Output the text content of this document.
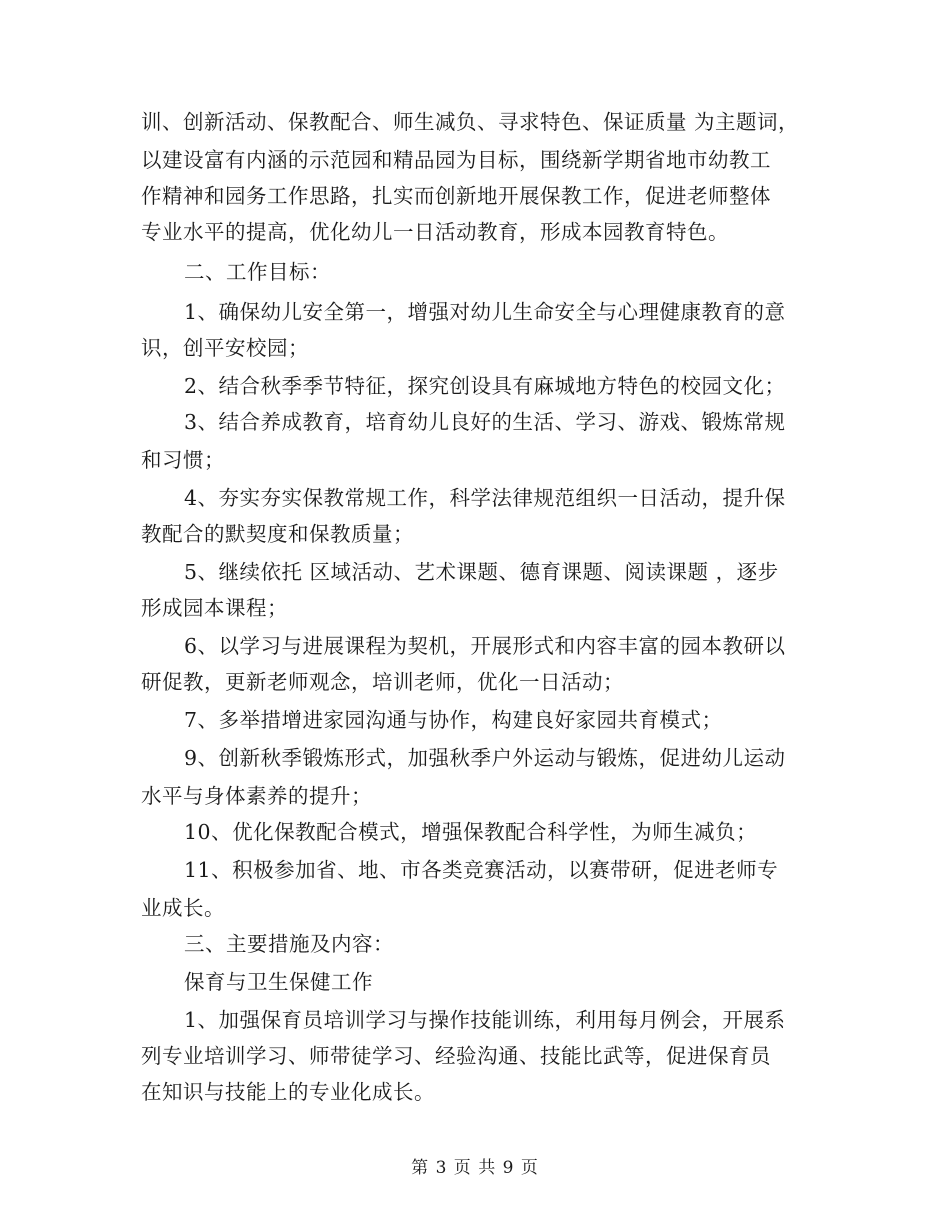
训、创新活动、保教配合、师生减负、寻求特色、保证质量 为主题词，
以建设富有内涵的示范园和精品园为目标，围绕新学期省地市幼教工
作精神和园务工作思路，扎实而创新地开展保教工作，促进老师整体
专业水平的提高，优化幼儿一日活动教育，形成本园教育特色。
二、工作目标：
1、确保幼儿安全第一，增强对幼儿生命安全与心理健康教育的意
识，创平安校园；
2、结合秋季季节特征，探究创设具有麻城地方特色的校园文化；
3、结合养成教育，培育幼儿良好的生活、学习、游戏、锻炼常规
和习惯；
4、夯实夯实保教常规工作，科学法律规范组织一日活动，提升保
教配合的默契度和保教质量；
5、继续依托 区域活动、艺术课题、德育课题、阅读课题 ，逐步
形成园本课程；
6、以学习与进展课程为契机，开展形式和内容丰富的园本教研以
研促教，更新老师观念，培训老师，优化一日活动；
7、多举措增进家园沟通与协作，构建良好家园共育模式；
9、创新秋季锻炼形式，加强秋季户外运动与锻炼，促进幼儿运动
水平与身体素养的提升；
10、优化保教配合模式，增强保教配合科学性，为师生减负；
11、积极参加省、地、市各类竞赛活动，以赛带研，促进老师专
业成长。
三、主要措施及内容：
保育与卫生保健工作
1、加强保育员培训学习与操作技能训练，利用每月例会，开展系
列专业培训学习、师带徒学习、经验沟通、技能比武等，促进保育员
在知识与技能上的专业化成长。
第 3 页 共 9 页
